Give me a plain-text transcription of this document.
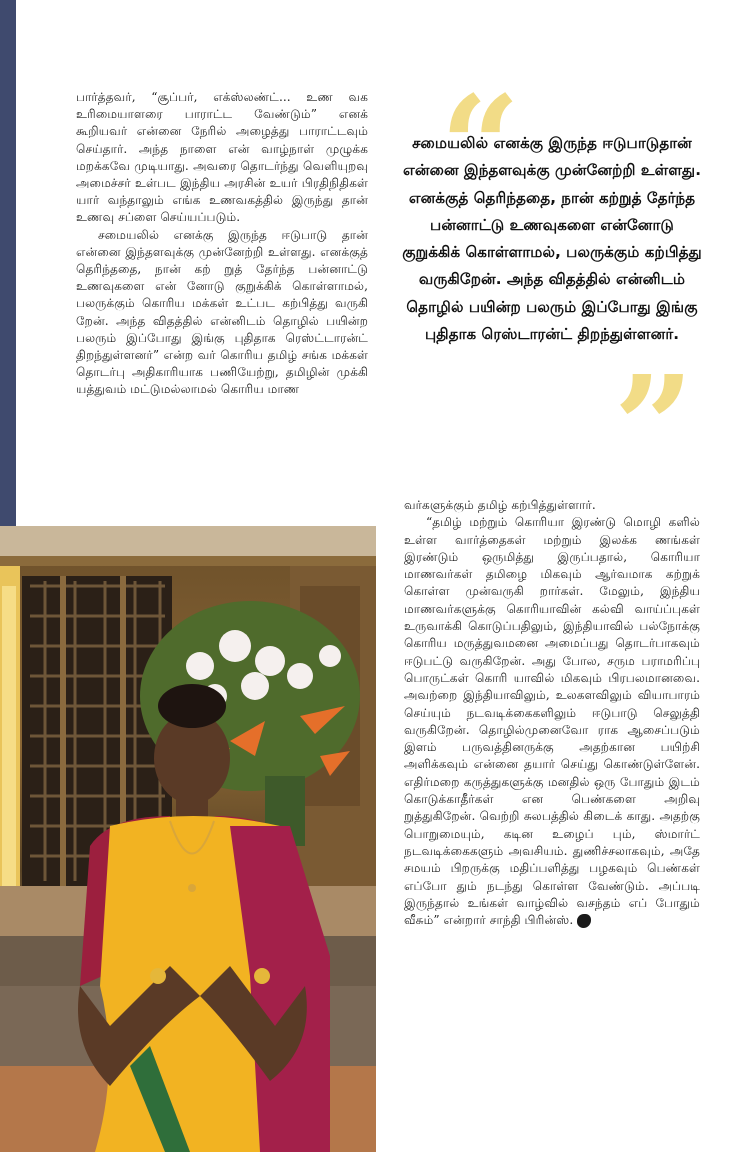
பார்த்தவர், “சூப்பர், எக்ஸ்லண்ட்... உண வக உரிமையாளரை பாராட்ட வேண்டும்” எனக் கூறியவர் என்னை நேரில் அழைத்து பாராட்டவும் செய்தார். அந்த நாளை என் வாழ்நாள் முழுக்க மறக்கவே முடியாது. அவரை தொடர்ந்து வெளியுறவு அமைச்சர் உள்பட இந்திய அரசின் உயர் பிரதிநிதிகள் யார் வந்தாலும் எங்க உணவகத்தில் இருந்து தான் உணவு சப்ளை செய்யப்படும்.

சமையலில் எனக்கு இருந்த ஈடுபாடு தான் என்னை இந்தளவுக்கு முன்னேற்றி உள்ளது. எனக்குத் தெரிந்ததை, நான் கற் றுத் தேர்ந்த பன்னாட்டு உணவுகளை என் னோடு குறுக்கிக் கொள்ளாமல், பலருக்கும் கொரிய மக்கள் உட்பட கற்பித்து வருகி றேன். அந்த விதத்தில் என்னிடம் தொழில் பயின்ற பலரும் இப்போது இங்கு புதிதாக ரெஸ்ட்டாரன்ட் திறந்துள்ளனர்” என்ற வர் கொரிய தமிழ் சங்க மக்கள் தொடர்பு அதிகாரியாக பணியேற்று, தமிழின் முக்கி யத்துவம் மட்டுமல்லாமல் கொரிய மாண

“
சமையலில் எனக்கு இருந்த ஈடுபாடுதான் என்னை இந்தளவுக்கு முன்னேற்றி உள்ளது. எனக்குத் தெரிந்ததை, நான் கற்றுத் தேர்ந்த பன்னாட்டு உணவுகளை என்னோடு குறுக்கிக் கொள்ளாமல், பலருக்கும் கற்பித்து வருகிறேன். அந்த விதத்தில் என்னிடம் தொழில் பயின்ற பலரும் இப்போது இங்கு புதிதாக ரெஸ்டாரன்ட் திறந்துள்ளனர்.
”

வர்களுக்கும் தமிழ் கற்பித்துள்ளார்.

“தமிழ் மற்றும் கொரியா இரண்டு மொழி களில் உள்ள வார்த்தைகள் மற்றும் இலக்க ணங்கள் இரண்டும் ஒருமித்து இருப்பதால், கொரியா மாணவர்கள் தமிழை மிகவும் ஆர்வமாக கற்றுக் கொள்ள முன்வருகி றார்கள். மேலும், இந்திய மாணவர்களுக்கு கொரியாவின் கல்வி வாய்ப்புகள் உருவாக்கி கொடுப்பதிலும், இந்தியாவில் பல்நோக்கு கொரிய மருத்துவமனை அமைப்பது தொடர்பாகவும் ஈடுபட்டு வருகிறேன். அது போல, சரும பராமரிப்பு பொருட்கள் கொரி யாவில் மிகவும் பிரபலமானவை. அவற்றை இந்தியாவிலும், உலகளவிலும் வியாபாரம் செய்யும் நடவடிக்கைகளிலும் ஈடுபாடு செலுத்தி வருகிறேன். தொழில்முனைவோ ராக ஆசைப்படும் இளம் பருவத்தினருக்கு அதற்கான பயிற்சி அளிக்கவும் என்னை தயார் செய்து கொண்டுள்ளேன். எதிர்மறை கருத்துகளுக்கு மனதில் ஒரு போதும் இடம் கொடுக்காதீர்கள் என பெண்களை அறிவு றுத்துகிறேன். வெற்றி சுலபத்தில் கிடைக் காது. அதற்கு பொறுமையும், கடின உழைப் பும், ஸ்மார்ட் நடவடிக்கைகளும் அவசியம். துணிச்சலாகவும், அதே சமயம் பிறருக்கு மதிப்பளித்து பழகவும் பெண்கள் எப்போ தும் நடந்து கொள்ள வேண்டும். அப்படி இருந்தால் உங்கள் வாழ்வில் வசந்தம் எப் போதும் வீசும்” என்றார் சாந்தி பிரின்ஸ்.
